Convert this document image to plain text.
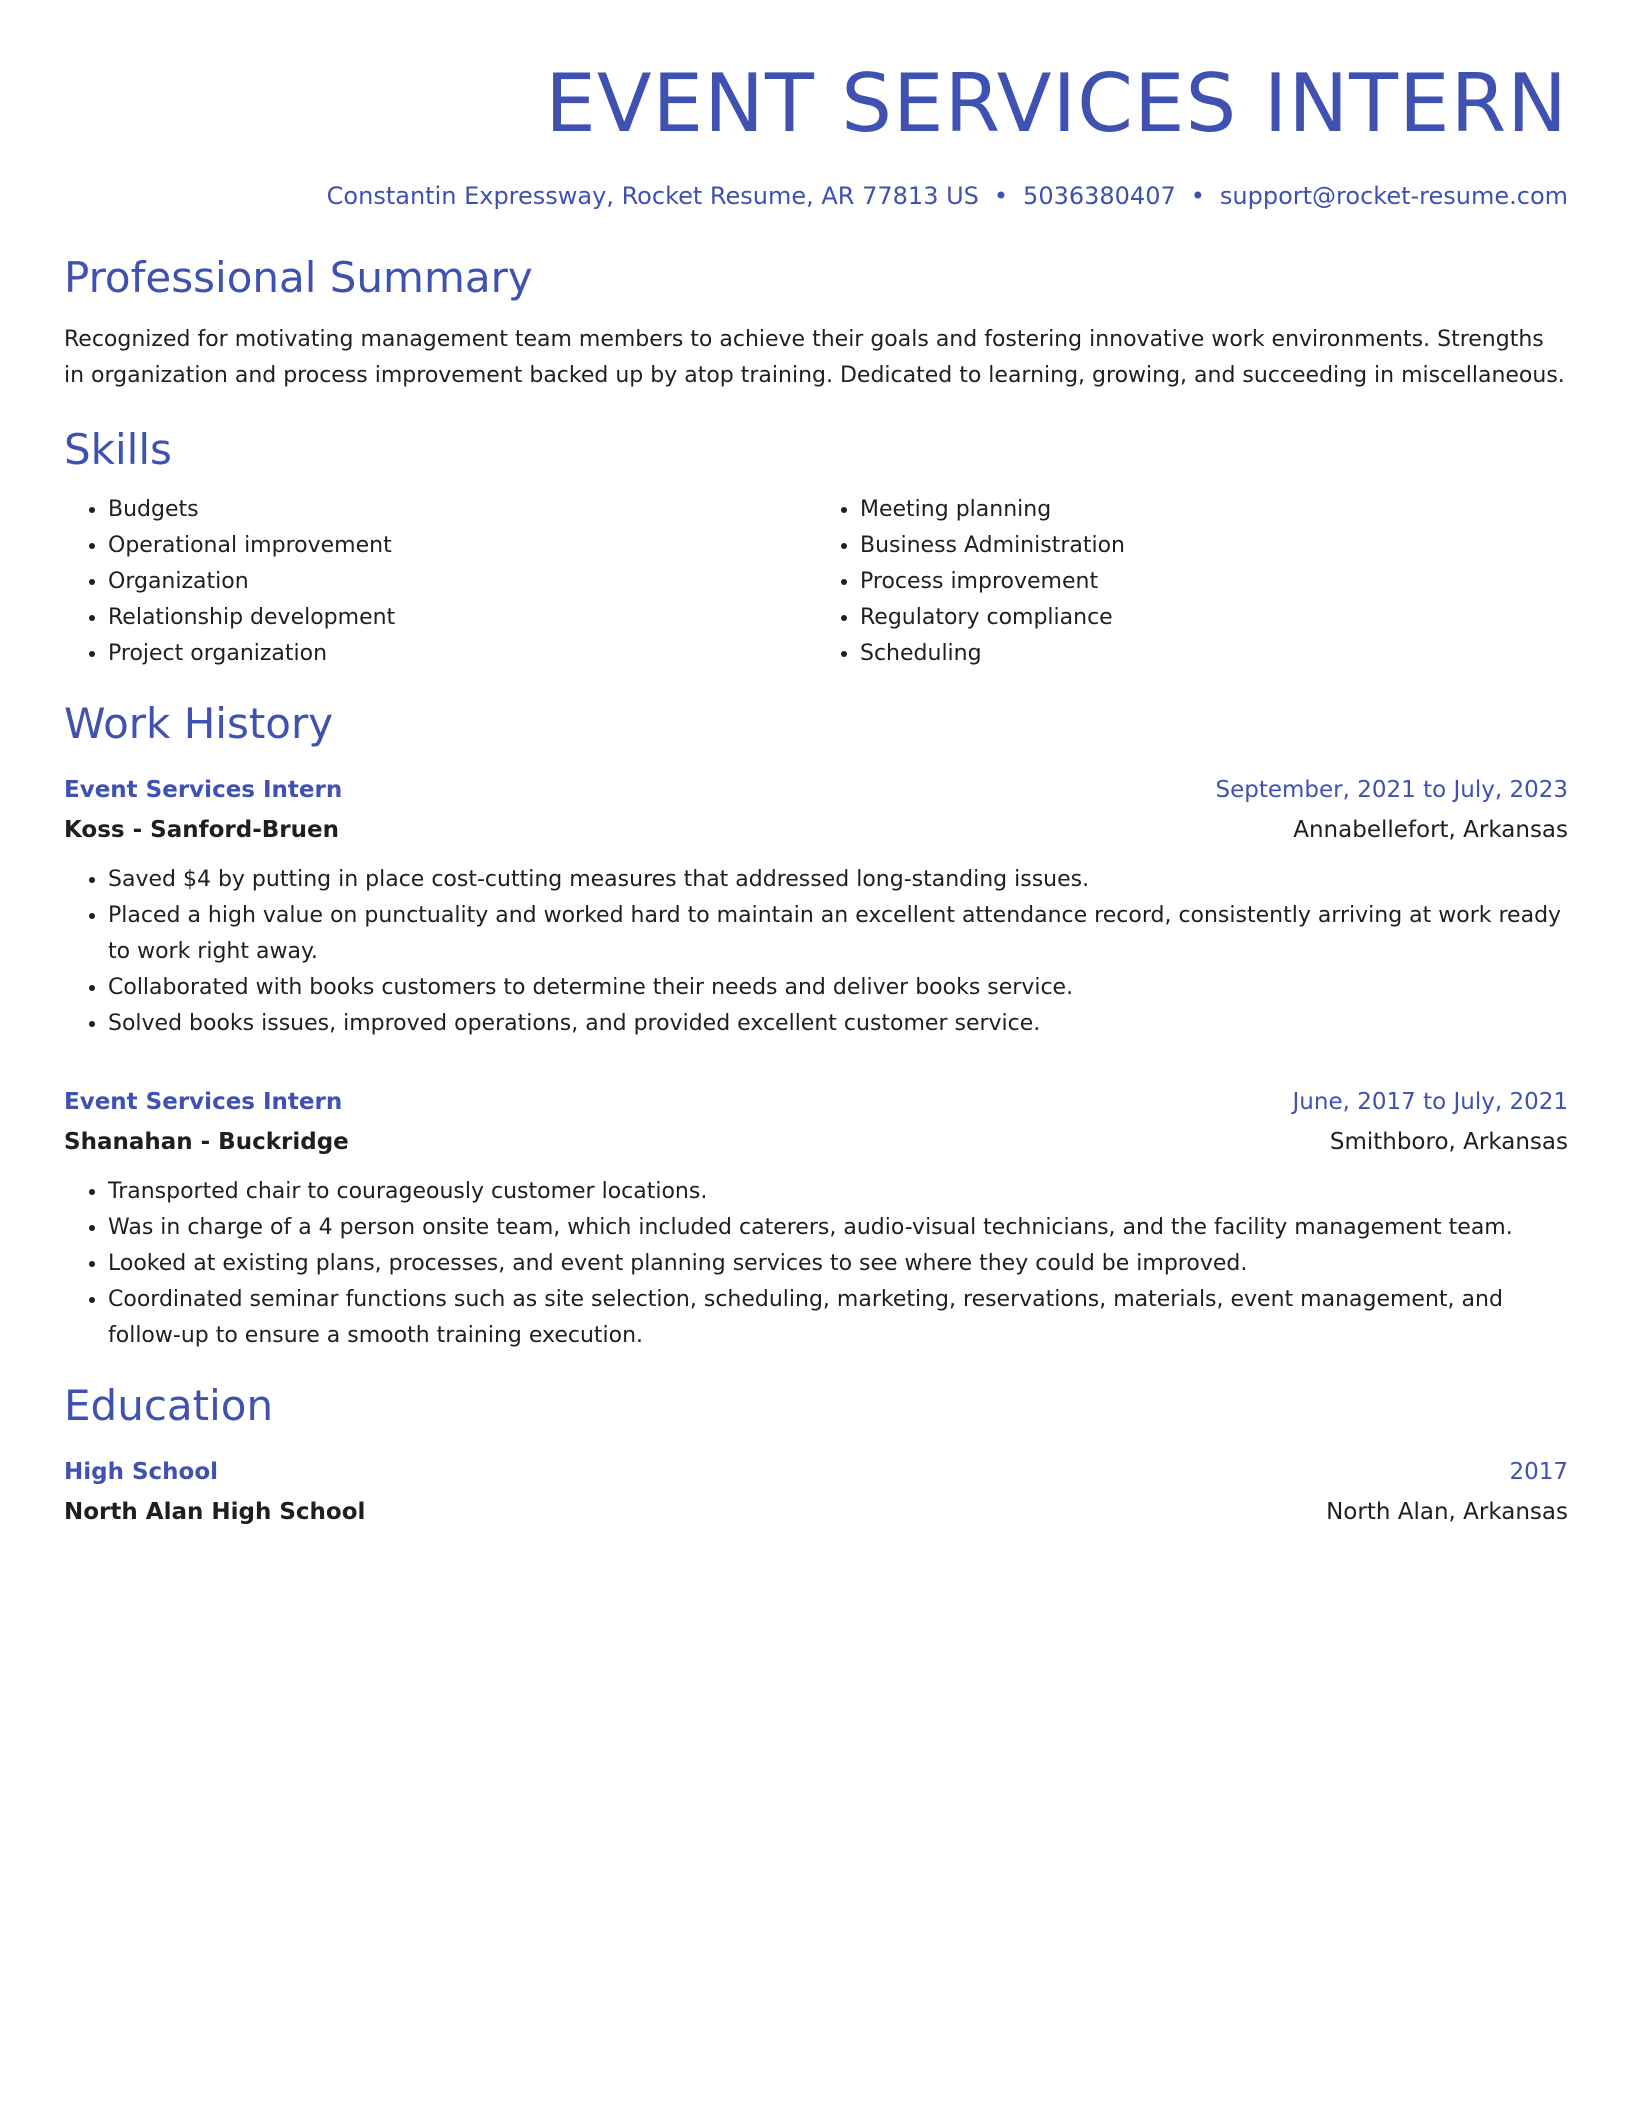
EVENT SERVICES INTERN
Constantin Expressway, Rocket Resume, AR 77813 US • 5036380407 • support@rocket-resume.com
Professional Summary

Recognized for motivating management team members to achieve their goals and fostering innovative work environments. Strengths in organization and process improvement backed up by atop training. Dedicated to learning, growing, and succeeding in miscellaneous.

Skills
• Budgets
• Operational improvement
• Organization
• Relationship development
• Project organization
• Meeting planning
• Business Administration
• Process improvement
• Regulatory compliance
• Scheduling
Work History
Event Services Intern	September, 2021 to July, 2023
Koss - Sanford-Bruen	Annabellefort, Arkansas
• Saved $4 by putting in place cost-cutting measures that addressed long-standing issues.
• Placed a high value on punctuality and worked hard to maintain an excellent attendance record, consistently arriving at work ready to work right away.
• Collaborated with books customers to determine their needs and deliver books service.
• Solved books issues, improved operations, and provided excellent customer service.
Event Services Intern	June, 2017 to July, 2021
Shanahan - Buckridge	Smithboro, Arkansas
• Transported chair to courageously customer locations.
• Was in charge of a 4 person onsite team, which included caterers, audio-visual technicians, and the facility management team.
• Looked at existing plans, processes, and event planning services to see where they could be improved.
• Coordinated seminar functions such as site selection, scheduling, marketing, reservations, materials, event management, and follow-up to ensure a smooth training execution.
Education
High School	2017
North Alan High School	North Alan, Arkansas
